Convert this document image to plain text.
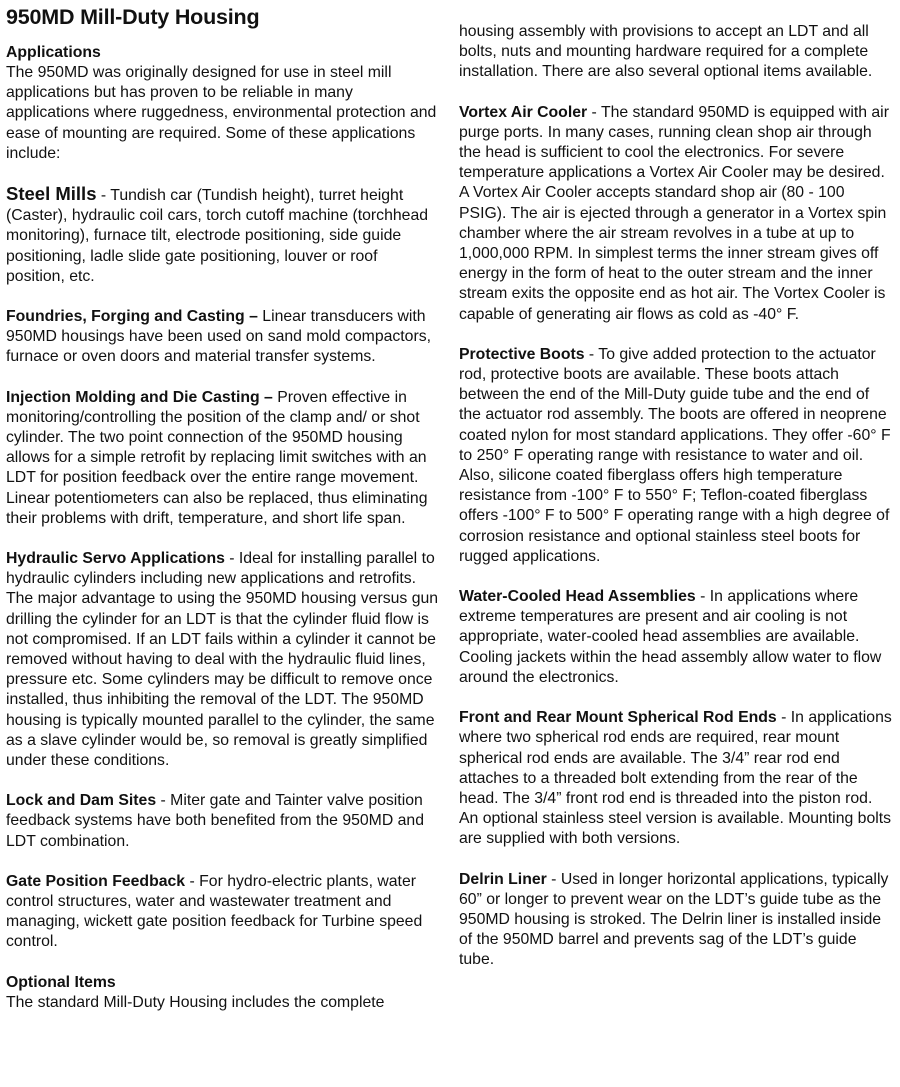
950MD Mill-Duty Housing

Applications
The 950MD was originally designed for use in steel mill applications but has proven to be reliable in many applications where ruggedness, environmental protection and ease of mounting are required. Some of these applications include:

Steel Mills - Tundish car (Tundish height), turret height (Caster), hydraulic coil cars, torch cutoff machine (torchhead monitoring), furnace tilt, electrode positioning, side guide positioning, ladle slide gate positioning, louver or roof position, etc.

Foundries, Forging and Casting – Linear transducers with 950MD housings have been used on sand mold compactors, furnace or oven doors and material transfer systems.

Injection Molding and Die Casting – Proven effective in monitoring/controlling the position of the clamp and/ or shot cylinder. The two point connection of the 950MD housing allows for a simple retrofit by replacing limit switches with an LDT for position feedback over the entire range movement. Linear potentiometers can also be replaced, thus eliminating their problems with drift, temperature, and short life span.

Hydraulic Servo Applications - Ideal for installing parallel to hydraulic cylinders including new applications and retrofits. The major advantage to using the 950MD housing versus gun drilling the cylinder for an LDT is that the cylinder fluid flow is not compromised. If an LDT fails within a cylinder it cannot be removed without having to deal with the hydraulic fluid lines, pressure etc. Some cylinders may be difficult to remove once installed, thus inhibiting the removal of the LDT. The 950MD housing is typically mounted parallel to the cylinder, the same as a slave cylinder would be, so removal is greatly simplified under these conditions.

Lock and Dam Sites - Miter gate and Tainter valve position feedback systems have both benefited from the 950MD and LDT combination.

Gate Position Feedback - For hydro-electric plants, water control structures, water and wastewater treatment and managing, wickett gate position feedback for Turbine speed control.

Optional Items
The standard Mill-Duty Housing includes the complete

housing assembly with provisions to accept an LDT and all bolts, nuts and mounting hardware required for a complete installation. There are also several optional items available.

Vortex Air Cooler - The standard 950MD is equipped with air purge ports. In many cases, running clean shop air through the head is sufficient to cool the electronics. For severe temperature applications a Vortex Air Cooler may be desired. A Vortex Air Cooler accepts standard shop air (80 - 100 PSIG). The air is ejected through a generator in a Vortex spin chamber where the air stream revolves in a tube at up to 1,000,000 RPM. In simplest terms the inner stream gives off energy in the form of heat to the outer stream and the inner stream exits the opposite end as hot air. The Vortex Cooler is capable of generating air flows as cold as -40° F.

Protective Boots - To give added protection to the actuator rod, protective boots are available. These boots attach between the end of the Mill-Duty guide tube and the end of the actuator rod assembly. The boots are offered in neoprene coated nylon for most standard applications. They offer -60° F to 250° F operating range with resistance to water and oil. Also, silicone coated fiberglass offers high temperature resistance from -100° F to 550° F; Teflon-coated fiberglass offers -100° F to 500° F operating range with a high degree of corrosion resistance and optional stainless steel boots for rugged applications.

Water-Cooled Head Assemblies - In applications where extreme temperatures are present and air cooling is not appropriate, water-cooled head assemblies are available. Cooling jackets within the head assembly allow water to flow around the electronics.

Front and Rear Mount Spherical Rod Ends - In applications where two spherical rod ends are required, rear mount spherical rod ends are available. The 3/4” rear rod end attaches to a threaded bolt extending from the rear of the head. The 3/4” front rod end is threaded into the piston rod. An optional stainless steel version is available. Mounting bolts are supplied with both versions.

Delrin Liner - Used in longer horizontal applications, typically 60” or longer to prevent wear on the LDT’s guide tube as the 950MD housing is stroked. The Delrin liner is installed inside of the 950MD barrel and prevents sag of the LDT’s guide tube.
